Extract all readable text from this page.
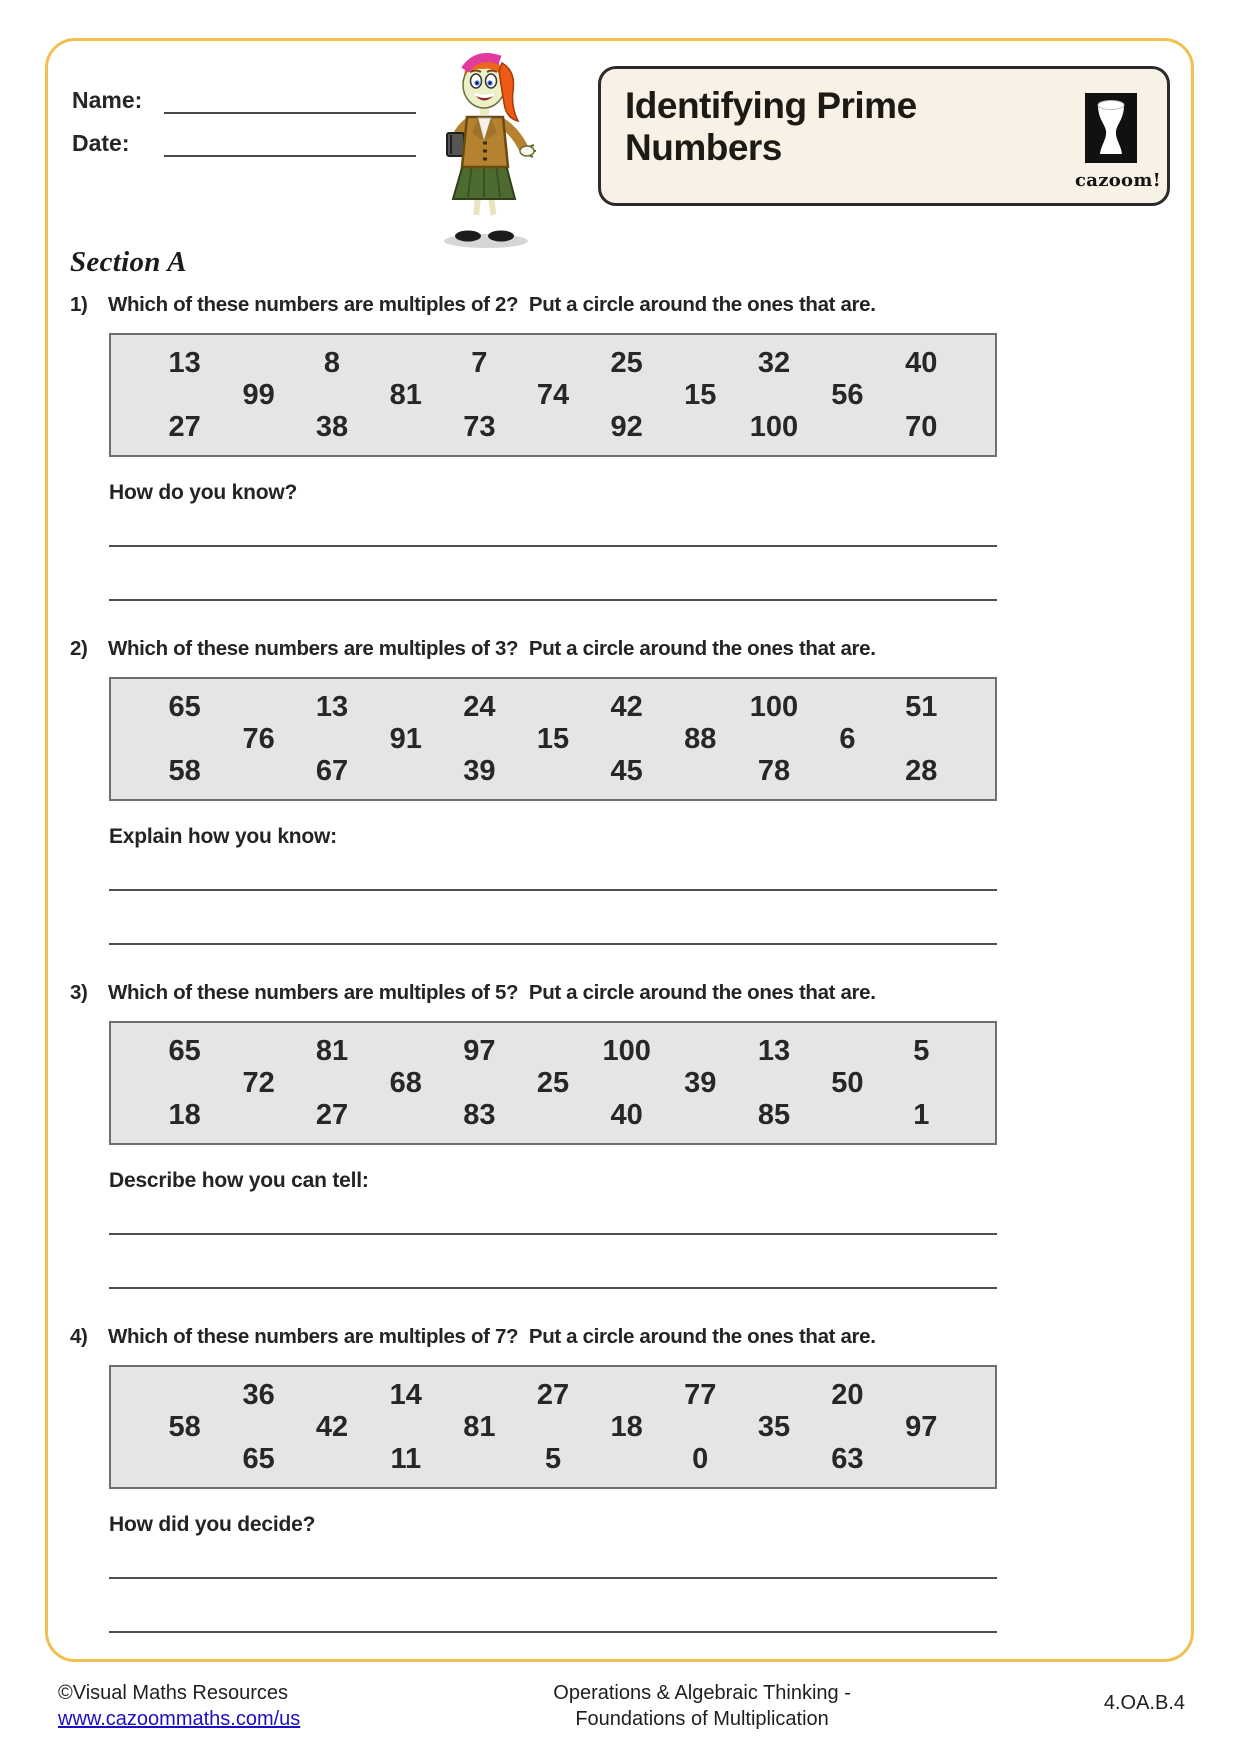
Name:
Date:
Identifying Prime
Numbers
cazoom!
Section A
1) Which of these numbers are multiples of 2?  Put a circle around the ones that are.
13	8	7	25	32	40
99	81	74	15	56
27	38	73	92	100	70
How do you know?
2) Which of these numbers are multiples of 3?  Put a circle around the ones that are.
65	13	24	42	100	51
76	91	15	88	6
58	67	39	45	78	28
Explain how you know:
3) Which of these numbers are multiples of 5?  Put a circle around the ones that are.
65	81	97	100	13	5
72	68	25	39	50
18	27	83	40	85	1
Describe how you can tell:
4) Which of these numbers are multiples of 7?  Put a circle around the ones that are.
36	14	27	77	20
58	42	81	18	35	97
65	11	5	0	63
How did you decide?
©Visual Maths Resources
www.cazoommaths.com/us
Operations & Algebraic Thinking -
Foundations of Multiplication
4.OA.B.4
